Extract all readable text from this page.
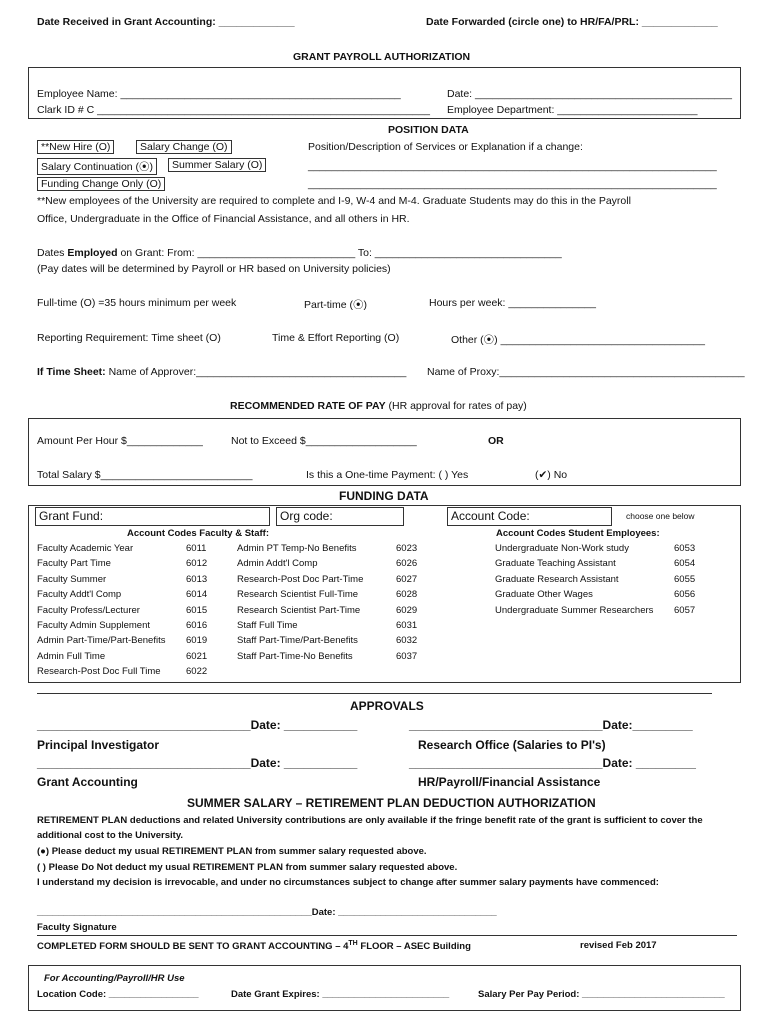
Date Received in Grant Accounting: _____________	Date Forwarded (circle one) to HR/FA/PRL: _____________
GRANT PAYROLL AUTHORIZATION
Employee Name: ________________________________________________	Date: ____________________________________________
Clark ID # C _________________________________________________________ Employee Department: ________________________
POSITION DATA
**New Hire (O)	Salary Change (O)
Salary Continuation (⦿)	Summer Salary (O)
Funding Change Only (O)
Position/Description of Services or Explanation if a change:
______________________________________________________________________
______________________________________________________________________
**New employees of the University are required to complete and I-9, W-4 and M-4. Graduate Students may do this in the Payroll
Office, Undergraduate in the Office of Financial Assistance, and all others in HR.
Dates Employed on Grant: From: ___________________________ To: ________________________________
(Pay dates will be determined by Payroll or HR based on University policies)
Full-time (O) =35 hours minimum per week	Part-time (⦿)	Hours per week: _______________
Reporting Requirement: Time sheet (O)	Time & Effort Reporting (O)	Other (⦿) ___________________________________
If Time Sheet: Name of Approver:____________________________________ Name of Proxy:__________________________________________
RECOMMENDED RATE OF PAY (HR approval for rates of pay)
Amount Per Hour $_____________	Not to Exceed $___________________	OR
Total Salary $__________________________	Is this a One-time Payment: ( ) Yes	(✔) No
FUNDING DATA
Grant Fund:	Org code:	Account Code:	choose one below
Account Codes Faculty & Staff:	Account Codes Student Employees:
Faculty Academic Year	6011
Faculty Part Time	6012
Faculty Summer	6013
Faculty Addt'l Comp	6014
Faculty Profess/Lecturer	6015
Faculty Admin Supplement	6016
Admin Part-Time/Part-Benefits 6019
Admin Full Time	6021
Research-Post Doc Full Time	6022
Admin PT Temp-No Benefits	6023
Admin Addt'l Comp	6026
Research-Post Doc Part-Time	6027
Research Scientist Full-Time	6028
Research Scientist Part-Time	6029
Staff Full Time	6031
Staff Part-Time/Part-Benefits	6032
Staff Part-Time-No Benefits	6037
Undergraduate Non-Work study	6053
Graduate Teaching Assistant	6054
Graduate Research Assistant	6055
Graduate Other Wages	6056
Undergraduate Summer Researchers 6057
APPROVALS
________________________________Date: ___________	_____________________________Date:_________
Principal Investigator	Research Office (Salaries to PI's)
________________________________Date: ___________	_____________________________Date: _________
Grant Accounting	HR/Payroll/Financial Assistance
SUMMER SALARY – RETIREMENT PLAN DEDUCTION AUTHORIZATION
RETIREMENT PLAN deductions and related University contributions are only available if the fringe benefit rate of the grant is sufficient to cover the
additional cost to the University.
(●) Please deduct my usual RETIREMENT PLAN from summer salary requested above.
( ) Please Do Not deduct my usual RETIREMENT PLAN from summer salary requested above.
I understand my decision is irrevocable, and under no circumstances subject to change after summer salary payments have commenced:
____________________________________________________Date: ______________________________
Faculty Signature
COMPLETED FORM SHOULD BE SENT TO GRANT ACCOUNTING – 4TH FLOOR – ASEC Building	revised Feb 2017
For Accounting/Payroll/HR Use
Location Code: _________________	Date Grant Expires: ________________________	Salary Per Pay Period: ___________________________
